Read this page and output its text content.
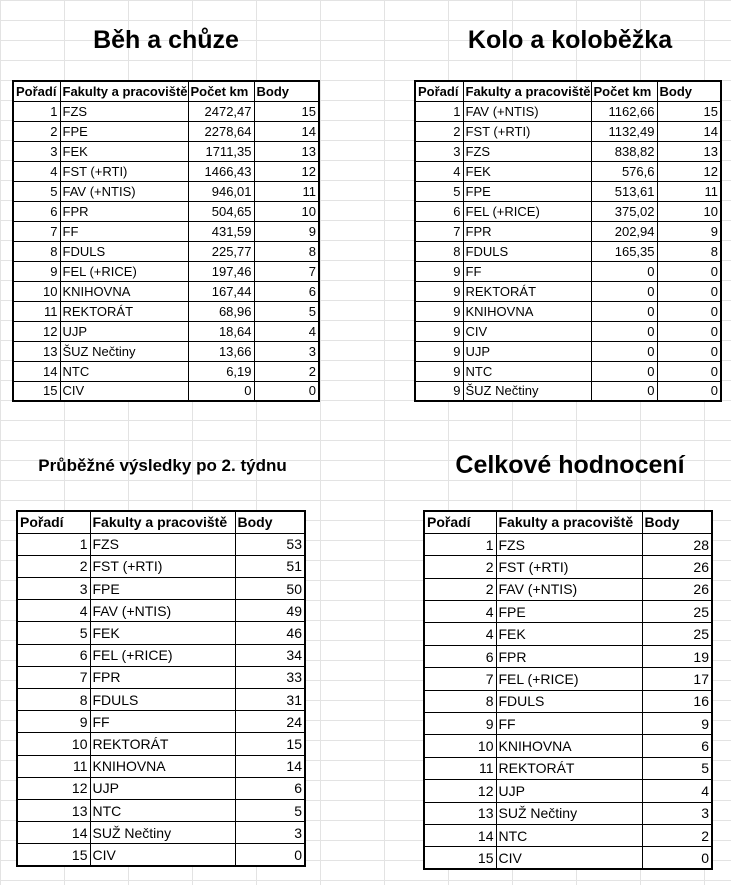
Běh a chůze
Pořadí	Fakulty a pracoviště	Počet km	Body
1	FZS	2472,47	15
2	FPE	2278,64	14
3	FEK	1711,35	13
4	FST (+RTI)	1466,43	12
5	FAV (+NTIS)	946,01	11
6	FPR	504,65	10
7	FF	431,59	9
8	FDULS	225,77	8
9	FEL (+RICE)	197,46	7
10	KNIHOVNA	167,44	6
11	REKTORÁT	68,96	5
12	UJP	18,64	4
13	ŠUZ Nečtiny	13,66	3
14	NTC	6,19	2
15	CIV	0	0
Kolo a koloběžka
Pořadí	Fakulty a pracoviště	Počet km	Body
1	FAV (+NTIS)	1162,66	15
2	FST (+RTI)	1132,49	14
3	FZS	838,82	13
4	FEK	576,6	12
5	FPE	513,61	11
6	FEL (+RICE)	375,02	10
7	FPR	202,94	9
8	FDULS	165,35	8
9	FF	0	0
9	REKTORÁT	0	0
9	KNIHOVNA	0	0
9	CIV	0	0
9	UJP	0	0
9	NTC	0	0
9	ŠUZ Nečtiny	0	0
Průběžné výsledky po 2. týdnu
Pořadí	Fakulty a pracoviště	Body
1	FZS	53
2	FST (+RTI)	51
3	FPE	50
4	FAV (+NTIS)	49
5	FEK	46
6	FEL (+RICE)	34
7	FPR	33
8	FDULS	31
9	FF	24
10	REKTORÁT	15
11	KNIHOVNA	14
12	UJP	6
13	NTC	5
14	SUŽ Nečtiny	3
15	CIV	0
Celkové hodnocení
Pořadí	Fakulty a pracoviště	Body
1	FZS	28
2	FST (+RTI)	26
2	FAV (+NTIS)	26
4	FPE	25
4	FEK	25
6	FPR	19
7	FEL (+RICE)	17
8	FDULS	16
9	FF	9
10	KNIHOVNA	6
11	REKTORÁT	5
12	UJP	4
13	SUŽ Nečtiny	3
14	NTC	2
15	CIV	0
